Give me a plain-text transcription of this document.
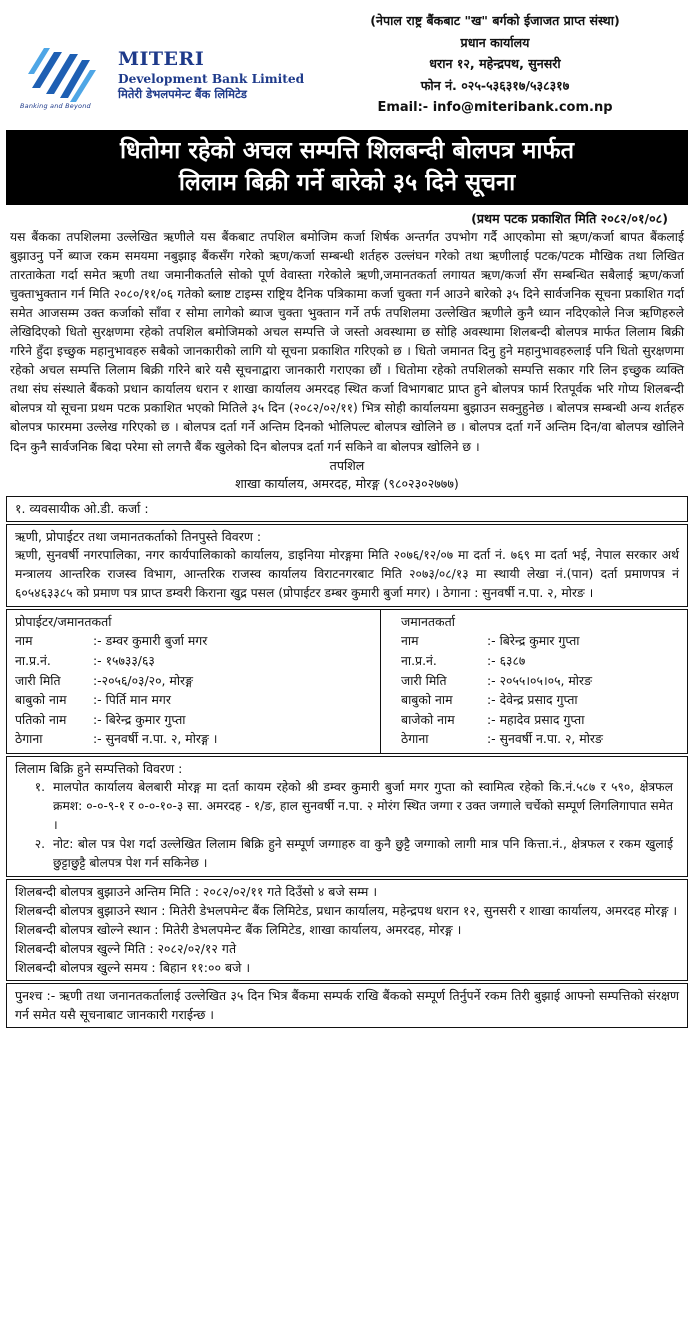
Banking and Beyond
MITERI
Development Bank Limited
मितेरी डेभलपमेन्ट बैंक लिमिटेड
(नेपाल राष्ट्र बैंकबाट "ख" बर्गको ईजाजत प्राप्त संस्था)
प्रधान कार्यालय
धरान १२, महेन्द्रपथ, सुनसरी
फोन नं. ०२५-५३६३१७/५३८३१७
Email:- info@miteribank.com.np
धितोमा रहेको अचल सम्पत्ति शिलबन्दी बोलपत्र मार्फत
लिलाम बिक्री गर्ने बारेको ३५ दिने सूचना
(प्रथम पटक प्रकाशित मिति २०८२/०१/०८)
यस बैंकका तपशिलमा उल्लेखित ऋणीले यस बैंकबाट तपशिल बमोजिम कर्जा शिर्षक अन्तर्गत उपभोग गर्दै आएकोमा सो ऋण/कर्जा बापत बैंकलाई बुझाउनु पर्ने ब्याज रकम समयमा नबुझाइ बैंकसँग गरेको ऋण/कर्जा सम्बन्धी शर्तहरु उल्लंघन गरेको तथा ऋणीलाई पटक/पटक मौखिक तथा लिखित तारताकेता गर्दा समेत ऋणी तथा जमानीकर्ताले सोको पूर्ण वेवास्ता गरेकोले ऋणी,जमानतकर्ता लगायत ऋण/कर्जा सँग सम्बन्धित सबैलाई ऋण/कर्जा चुक्ताभुक्तान गर्न मिति २०८०/११/०६ गतेको ब्लाष्ट टाइम्स राष्ट्रिय दैनिक पत्रिकामा कर्जा चुक्ता गर्न आउने बारेको ३५ दिने सार्वजनिक सूचना प्रकाशित गर्दा समेत आजसम्म उक्त कर्जाको साँवा र सोमा लागेको ब्याज चुक्ता भुक्तान गर्ने तर्फ तपशिलमा उल्लेखित ऋणीले कुनै ध्यान नदिएकोले निज ऋणिहरुले लेखिदिएको धितो सुरक्षणमा रहेको तपशिल बमोजिमको अचल सम्पत्ति जे जस्तो अवस्थामा छ सोहि अवस्थामा शिलबन्दी बोलपत्र मार्फत लिलाम बिक्री गरिने हुँदा इच्छुक महानुभावहरु सबैको जानकारीको लागि यो सूचना प्रकाशित गरिएको छ । धितो जमानत दिनु हुने महानुभावहरुलाई पनि धितो सुरक्षणमा रहेको अचल सम्पत्ति लिलाम बिक्री गरिने बारे यसै सूचनाद्वारा जानकारी गराएका छौं । धितोमा रहेको तपशिलको सम्पत्ति सकार गरि लिन इच्छुक व्यक्ति तथा संघ संस्थाले बैंकको प्रधान कार्यालय धरान र शाखा कार्यालय अमरदह स्थित कर्जा विभागबाट प्राप्त हुने बोलपत्र फार्म रितपूर्वक भरि गोप्य शिलबन्दी बोलपत्र यो सूचना प्रथम पटक प्रकाशित भएको मितिले ३५ दिन (२०८२/०२/११) भित्र सोही कार्यालयमा बुझाउन सक्नुहुनेछ । बोलपत्र सम्बन्धी अन्य शर्तहरु बोलपत्र फारममा उल्लेख गरिएको छ । बोलपत्र दर्ता गर्ने अन्तिम दिनको भोलिपल्ट बोलपत्र खोलिने छ । बोलपत्र दर्ता गर्ने अन्तिम दिन/वा बोलपत्र खोलिने दिन कुनै सार्वजनिक बिदा परेमा सो लगत्तै बैंक खुलेको दिन बोलपत्र दर्ता गर्न सकिने वा बोलपत्र खोलिने छ ।
तपशिल
शाखा कार्यालय, अमरदह, मोरङ्ग (९८०२३०२७७७)
१. व्यवसायीक ओ.डी. कर्जा :
ऋणी, प्रोपाईटर तथा जमानतकर्ताको तिनपुस्ते विवरण :
ऋणी, सुनवर्षी नगरपालिका, नगर कार्यपालिकाको कार्यालय, डाइनिया मोरङ्गमा मिति २०७६/१२/०७ मा दर्ता नं. ७६९ मा दर्ता भई, नेपाल सरकार अर्थ मन्त्रालय आन्तरिक राजस्व विभाग, आन्तरिक राजस्व कार्यालय विराटनगरबाट मिति २०७३/०८/१३ मा स्थायी लेखा नं.(पान) दर्ता प्रमाणपत्र नं ६०५४६३३८५ को प्रमाण पत्र प्राप्त डम्वरी किराना खुद्र पसल (प्रोपाईटर डम्बर कुमारी बुर्जा मगर) । ठेगाना : सुनवर्षी न.पा. २, मोरङ ।
प्रोपाईटर/जमानतकर्ता
नाम	:- डम्वर कुमारी बुर्जा मगर
ना.प्र.नं.	:- १५७३३/६३
जारी मिति	:-२०५६/०३/२०, मोरङ्ग
बाबुको नाम	:- पिर्ति मान मगर
पतिको नाम	:- बिरेन्द्र कुमार गुप्ता
ठेगाना	:- सुनवर्षी न.पा. २, मोरङ्ग ।
जमानतकर्ता
नाम	:- बिरेन्द्र कुमार गुप्ता
ना.प्र.नं.	:- ६३८७
जारी मिति	:- २०५५।०५।०५, मोरङ
बाबुको नाम	:- देवेन्द्र प्रसाद गुप्ता
बाजेको नाम	:- महादेव प्रसाद गुप्ता
ठेगाना	:- सुनवर्षी न.पा. २, मोरङ
लिलाम बिक्रि हुने सम्पत्तिको विवरण :
१. मालपोत कार्यालय बेलबारी मोरङ्ग मा दर्ता कायम रहेको श्री डम्वर कुमारी बुर्जा मगर गुप्ता को स्वामित्व रहेको कि.नं.५८७ र ५९०, क्षेत्रफल क्रमश: ०-०-९-१ र ०-०-१०-३ सा. अमरदह - १/ङ, हाल सुनवर्षी न.पा. २ मोरंग स्थित जग्गा र उक्त जग्गाले चर्चेको सम्पूर्ण लिगलिगापात समेत ।
२. नोट: बोल पत्र पेश गर्दा उल्लेखित लिलाम बिक्रि हुने सम्पूर्ण जग्गाहरु वा कुनै छुट्टै जग्गाको लागी मात्र पनि कित्ता.नं., क्षेत्रफल र रकम खुलाई छुट्टाछुट्टै बोलपत्र पेश गर्न सकिनेछ ।
शिलबन्दी बोलपत्र बुझाउने अन्तिम मिति : २०८२/०२/११ गते दिउँसो ४ बजे सम्म ।
शिलबन्दी बोलपत्र बुझाउने स्थान : मितेरी डेभलपमेन्ट बैंक लिमिटेड, प्रधान कार्यालय, महेन्द्रपथ धरान १२, सुनसरी र शाखा कार्यालय, अमरदह मोरङ्ग ।
शिलबन्दी बोलपत्र खोल्ने स्थान : मितेरी डेभलपमेन्ट बैंक लिमिटेड, शाखा कार्यालय, अमरदह, मोरङ्ग ।
शिलबन्दी बोलपत्र खुल्ने मिति : २०८२/०२/१२ गते
शिलबन्दी बोलपत्र खुल्ने समय : बिहान ११:०० बजे ।
पुनश्च :- ऋणी तथा जनानतकर्तालाई उल्लेखित ३५ दिन भित्र बैंकमा सम्पर्क राखि बैंकको सम्पूर्ण तिर्नुपर्ने रकम तिरी बुझाई आफ्नो सम्पत्तिको संरक्षण गर्न समेत यसै सूचनाबाट जानकारी गराईन्छ ।
